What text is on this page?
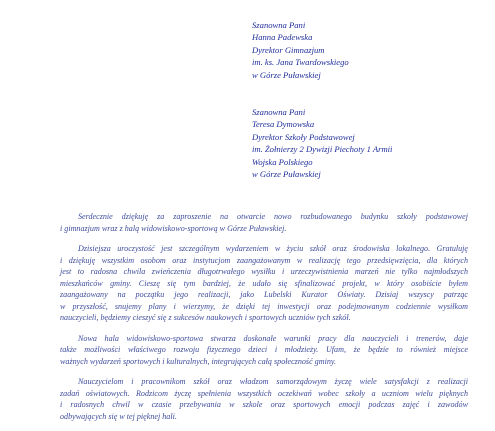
Szanowna Pani
Hanna Padewska
Dyrektor Gimnazjum
im. ks. Jana Twardowskiego
w Górze Puławskiej
Szanowna Pani
Teresa Dymowska
Dyrektor Szkoły Podstawowej
im. Żołnierzy 2 Dywizji Piechoty 1 Armii
Wojska Polskiego
w Górze Puławskiej
Serdecznie dziękuję za zaproszenie na otwarcie nowo rozbudowanego budynku szkoły podstawowej
i gimnazjum wraz z halą widowiskowo-sportową w Górze Puławskiej.
Dzisiejsza uroczystość jest szczególnym wydarzeniem w życiu szkół oraz środowiska lokalnego. Gratuluję
i dziękuję wszystkim osobom oraz instytucjom zaangażowanym w realizację tego przedsięwzięcia, dla których
jest to radosna chwila zwieńczenia długotrwałego wysiłku i urzeczywistnienia marzeń nie tylko najmłodszych
mieszkańców gminy. Cieszę się tym bardziej, że udało się sfinalizować projekt, w który osobiście byłem
zaangażowany na początku jego realizacji, jako Lubelski Kurator Oświaty. Dzisiaj wszyscy patrząc
w przyszłość, snujemy plany i wierzymy, że dzięki tej inwestycji oraz podejmowanym codziennie wysiłkom
nauczycieli, będziemy cieszyć się z sukcesów naukowych i sportowych uczniów tych szkół.
Nowa hala widowiskowo-sportowa stwarza doskonałe warunki pracy dla nauczycieli i trenerów, daje
także możliwości właściwego rozwoju fizycznego dzieci i młodzieży. Ufam, że będzie to również miejsce
ważnych wydarzeń sportowych i kulturalnych, integrujących całą społeczność gminy.
Nauczycielom i pracownikom szkół oraz władzom samorządowym życzę wiele satysfakcji z realizacji
zadań oświatowych. Rodzicom życzę spełnienia wszystkich oczekiwań wobec szkoły a uczniom wielu pięknych
i radosnych chwil w czasie przebywania w szkole oraz sportowych emocji podczas zajęć i zawodów
odbywających się w tej pięknej hali.
